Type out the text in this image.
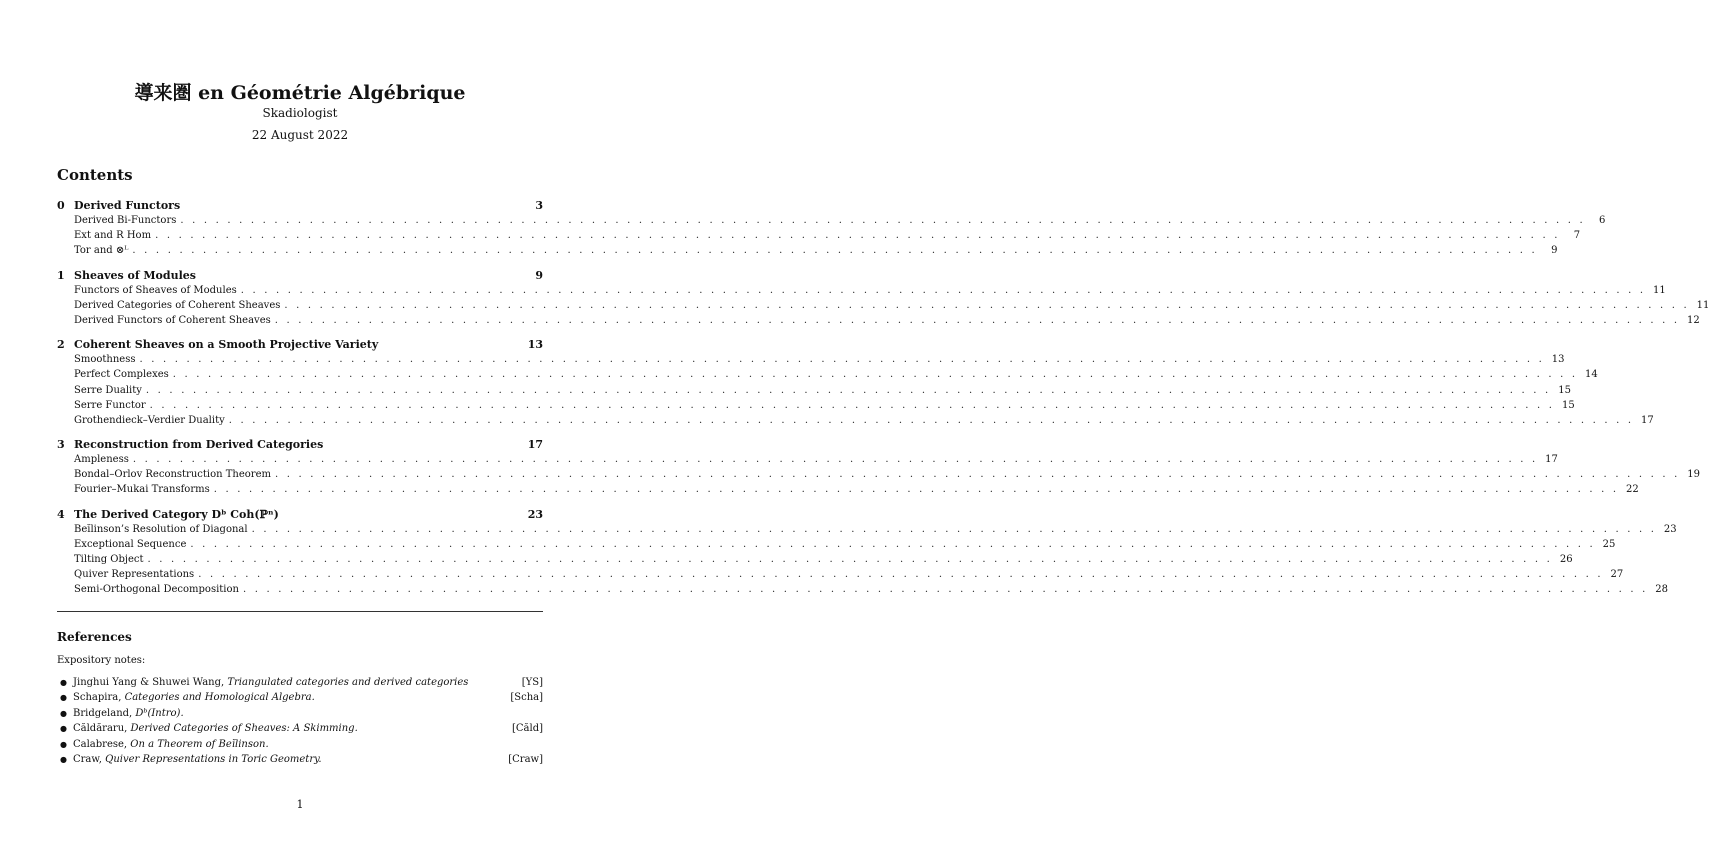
導来圏 en Géométrie Algébrique
Skadiologist
22 August 2022
Contents
0 Derived Functors	3
Derived Bi-Functors . . . . . . . . . . . . . . . . . . . . . . . . . . . . . . . . . . . . . . . . . . . . . . . . . . . . . . . . . . . . . . . . . . . . . . . . . . . . . . . . . . . . . . . . . . . . . . . . . . . . . . . . . . . . . . . . . . . . . . . .	6
Ext and R Hom . . . . . . . . . . . . . . . . . . . . . . . . . . . . . . . . . . . . . . . . . . . . . . . . . . . . . . . . . . . . . . . . . . . . . . . . . . . . . . . . . . . . . . . . . . . . . . . . . . . . . . . . . . . . . . . . . . . . . . . .	7
Tor and ⊗ᴸ . . . . . . . . . . . . . . . . . . . . . . . . . . . . . . . . . . . . . . . . . . . . . . . . . . . . . . . . . . . . . . . . . . . . . . . . . . . . . . . . . . . . . . . . . . . . . . . . . . . . . . . . . . . . . . . . . . . . . . . .	9
1 Sheaves of Modules	9
Functors of Sheaves of Modules . . . . . . . . . . . . . . . . . . . . . . . . . . . . . . . . . . . . . . . . . . . . . . . . . . . . . . . . . . . . . . . . . . . . . . . . . . . . . . . . . . . . . . . . . . . . . . . . . . . . . . . . . . . . . . . . . . . . . . . . 11
Derived Categories of Coherent Sheaves . . . . . . . . . . . . . . . . . . . . . . . . . . . . . . . . . . . . . . . . . . . . . . . . . . . . . . . . . . . . . . . . . . . . . . . . . . . . . . . . . . . . . . . . . . . . . . . . . . . . . . . . . . . . . . . . . . . . . . . . 11
Derived Functors of Coherent Sheaves . . . . . . . . . . . . . . . . . . . . . . . . . . . . . . . . . . . . . . . . . . . . . . . . . . . . . . . . . . . . . . . . . . . . . . . . . . . . . . . . . . . . . . . . . . . . . . . . . . . . . . . . . . . . . . . . . . . . . . . . 12
2 Coherent Sheaves on a Smooth Projective Variety	13
Smoothness . . . . . . . . . . . . . . . . . . . . . . . . . . . . . . . . . . . . . . . . . . . . . . . . . . . . . . . . . . . . . . . . . . . . . . . . . . . . . . . . . . . . . . . . . . . . . . . . . . . . . . . . . . . . . . . . . . . . . . . . 13
Perfect Complexes . . . . . . . . . . . . . . . . . . . . . . . . . . . . . . . . . . . . . . . . . . . . . . . . . . . . . . . . . . . . . . . . . . . . . . . . . . . . . . . . . . . . . . . . . . . . . . . . . . . . . . . . . . . . . . . . . . . . . . . . 14
Serre Duality . . . . . . . . . . . . . . . . . . . . . . . . . . . . . . . . . . . . . . . . . . . . . . . . . . . . . . . . . . . . . . . . . . . . . . . . . . . . . . . . . . . . . . . . . . . . . . . . . . . . . . . . . . . . . . . . . . . . . . . . 15
Serre Functor . . . . . . . . . . . . . . . . . . . . . . . . . . . . . . . . . . . . . . . . . . . . . . . . . . . . . . . . . . . . . . . . . . . . . . . . . . . . . . . . . . . . . . . . . . . . . . . . . . . . . . . . . . . . . . . . . . . . . . . . 15
Grothendieck–Verdier Duality . . . . . . . . . . . . . . . . . . . . . . . . . . . . . . . . . . . . . . . . . . . . . . . . . . . . . . . . . . . . . . . . . . . . . . . . . . . . . . . . . . . . . . . . . . . . . . . . . . . . . . . . . . . . . . . . . . . . . . . . 17
3 Reconstruction from Derived Categories	17
Ampleness . . . . . . . . . . . . . . . . . . . . . . . . . . . . . . . . . . . . . . . . . . . . . . . . . . . . . . . . . . . . . . . . . . . . . . . . . . . . . . . . . . . . . . . . . . . . . . . . . . . . . . . . . . . . . . . . . . . . . . . . 17
Bondal–Orlov Reconstruction Theorem . . . . . . . . . . . . . . . . . . . . . . . . . . . . . . . . . . . . . . . . . . . . . . . . . . . . . . . . . . . . . . . . . . . . . . . . . . . . . . . . . . . . . . . . . . . . . . . . . . . . . . . . . . . . . . . . . . . . . . . . 19
Fourier–Mukai Transforms . . . . . . . . . . . . . . . . . . . . . . . . . . . . . . . . . . . . . . . . . . . . . . . . . . . . . . . . . . . . . . . . . . . . . . . . . . . . . . . . . . . . . . . . . . . . . . . . . . . . . . . . . . . . . . . . . . . . . . . . 22
4 The Derived Category Dᵇ Coh(ℙⁿ)	23
Beĭlinson’s Resolution of Diagonal . . . . . . . . . . . . . . . . . . . . . . . . . . . . . . . . . . . . . . . . . . . . . . . . . . . . . . . . . . . . . . . . . . . . . . . . . . . . . . . . . . . . . . . . . . . . . . . . . . . . . . . . . . . . . . . . . . . . . . . . 23
Exceptional Sequence . . . . . . . . . . . . . . . . . . . . . . . . . . . . . . . . . . . . . . . . . . . . . . . . . . . . . . . . . . . . . . . . . . . . . . . . . . . . . . . . . . . . . . . . . . . . . . . . . . . . . . . . . . . . . . . . . . . . . . . . 25
Tilting Object . . . . . . . . . . . . . . . . . . . . . . . . . . . . . . . . . . . . . . . . . . . . . . . . . . . . . . . . . . . . . . . . . . . . . . . . . . . . . . . . . . . . . . . . . . . . . . . . . . . . . . . . . . . . . . . . . . . . . . . . 26
Quiver Representations . . . . . . . . . . . . . . . . . . . . . . . . . . . . . . . . . . . . . . . . . . . . . . . . . . . . . . . . . . . . . . . . . . . . . . . . . . . . . . . . . . . . . . . . . . . . . . . . . . . . . . . . . . . . . . . . . . . . . . . . 27
Semi-Orthogonal Decomposition . . . . . . . . . . . . . . . . . . . . . . . . . . . . . . . . . . . . . . . . . . . . . . . . . . . . . . . . . . . . . . . . . . . . . . . . . . . . . . . . . . . . . . . . . . . . . . . . . . . . . . . . . . . . . . . . . . . . . . . . 28
References
Expository notes:
● Jinghui Yang & Shuwei Wang, Triangulated categories and derived categories	[YS]
● Schapira, Categories and Homological Algebra.	[Scha]
● Bridgeland, Dᵇ(Intro).
● Căldăraru, Derived Categories of Sheaves: A Skimming.	[Căld]
● Calabrese, On a Theorem of Beĭlinson.
● Craw, Quiver Representations in Toric Geometry.	[Craw]
1
